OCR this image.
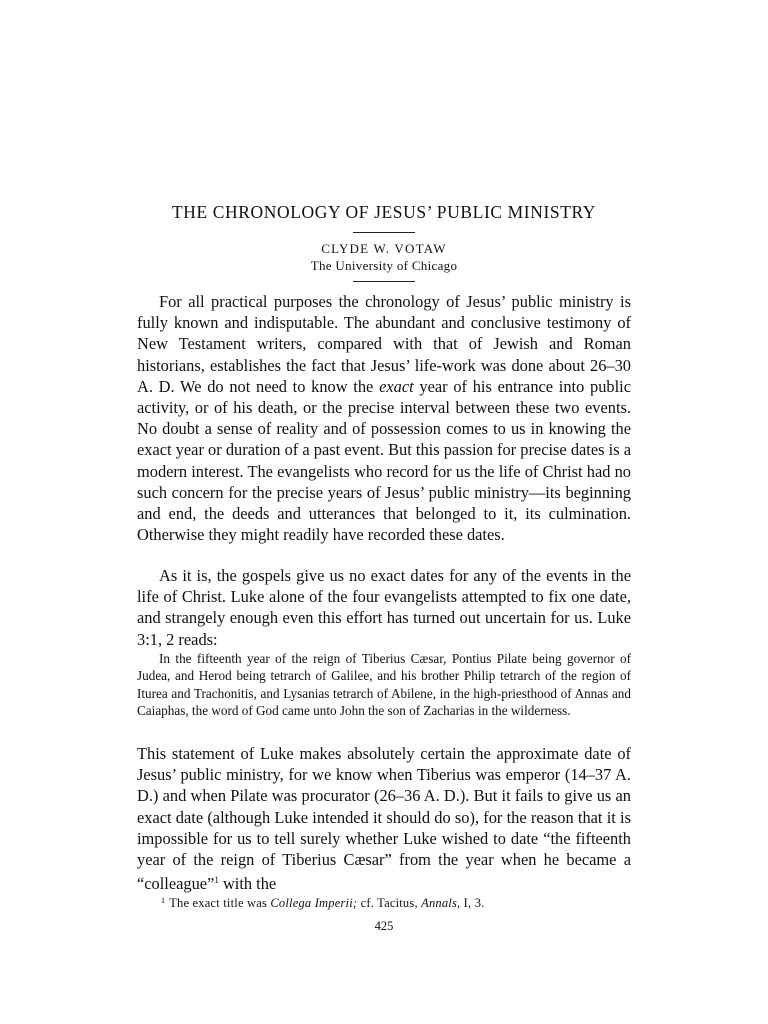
THE CHRONOLOGY OF JESUS’ PUBLIC MINISTRY
CLYDE W. VOTAW
The University of Chicago

For all practical purposes the chronology of Jesus’ public ministry is fully known and indisputable. The abundant and conclusive testimony of New Testament writers, compared with that of Jewish and Roman historians, establishes the fact that Jesus’ life-work was done about 26–30 A. D. We do not need to know the exact year of his entrance into public activity, or of his death, or the precise interval between these two events. No doubt a sense of reality and of possession comes to us in knowing the exact year or duration of a past event. But this passion for precise dates is a modern interest. The evangelists who record for us the life of Christ had no such concern for the precise years of Jesus’ public ministry—its beginning and end, the deeds and utterances that belonged to it, its culmination. Otherwise they might readily have recorded these dates.

As it is, the gospels give us no exact dates for any of the events in the life of Christ. Luke alone of the four evangelists attempted to fix one date, and strangely enough even this effort has turned out uncertain for us. Luke 3:1, 2 reads:

In the fifteenth year of the reign of Tiberius Cæsar, Pontius Pilate being governor of Judea, and Herod being tetrarch of Galilee, and his brother Philip tetrarch of the region of Iturea and Trachonitis, and Lysanias tetrarch of Abilene, in the high-priesthood of Annas and Caiaphas, the word of God came unto John the son of Zacharias in the wilderness.

This statement of Luke makes absolutely certain the approximate date of Jesus’ public ministry, for we know when Tiberius was emperor (14–37 A. D.) and when Pilate was procurator (26–36 A. D.). But it fails to give us an exact date (although Luke intended it should do so), for the reason that it is impossible for us to tell surely whether Luke wished to date “the fifteenth year of the reign of Tiberius Cæsar” from the year when he became a “colleague”$^1$ with the

$^1$ The exact title was Collega Imperii; cf. Tacitus, Annals, I, 3.
425
